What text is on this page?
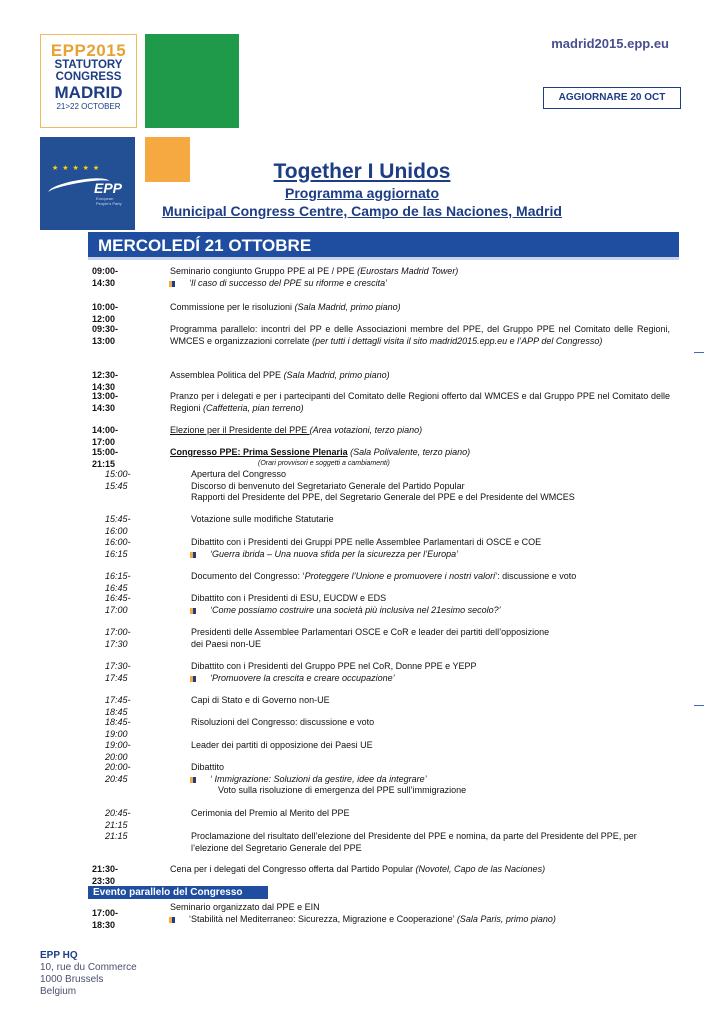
EPP2015
STATUTORY
CONGRESS
MADRID
21>22 OCTOBER
★ ★ ★ ★ ★
EPP
European People's Party
madrid2015.epp.eu
AGGIORNARE 20 OCT
Together I Unidos
Programma aggiornato
Municipal Congress Centre, Campo de las Naciones, Madrid
MERCOLEDÍ 21 OTTOBRE
09:00-14:30
Seminario congiunto Gruppo PPE al PE / PPE (Eurostars Madrid Tower)
‘Il caso di successo del PPE su riforme e crescita’
10:00-12:00
Commissione per le risoluzioni (Sala Madrid, primo piano)
09:30-13:00
Programma parallelo: incontri del PP e delle Associazioni membre del PPE, del Gruppo PPE nel Comitato delle Regioni, WMCES e organizzazioni correlate (per tutti i dettagli visita il sito madrid2015.epp.eu e l’APP del Congresso)
12:30-14:30
Assemblea Politica del PPE (Sala Madrid, primo piano)
13:00-14:30
Pranzo per i delegati e per i partecipanti del Comitato delle Regioni offerto dal WMCES e dal Gruppo PPE nel Comitato delle Regioni (Caffetteria, pian terreno)
14:00-17:00
Elezione per il Presidente del PPE (Area votazioni, terzo piano)
15:00-21:15
Congresso PPE: Prima Sessione Plenaria (Sala Polivalente, terzo piano)
(Orari provvisori e soggetti a cambiamenti)
15:00-15:45
Apertura del Congresso
Discorso di benvenuto del Segretariato Generale del Partido Popular
Rapporti del Presidente del PPE, del Segretario Generale del PPE e del Presidente del WMCES
15:45-16:00
Votazione sulle modifiche Statutarie
16:00-16:15
Dibattito con i Presidenti dei Gruppi PPE nelle Assemblee Parlamentari di OSCE e COE
‘Guerra ibrida – Una nuova sfida per la sicurezza per l’Europa’
16:15-16:45
Documento del Congresso: ‘Proteggere l’Unione e promuovere i nostri valori’: discussione e voto
16:45-17:00
Dibattito con i Presidenti di ESU, EUCDW e EDS
‘Come possiamo costruire una società più inclusiva nel 21esimo secolo?’
17:00-17:30
Presidenti delle Assemblee Parlamentari OSCE e CoR e leader dei partiti dell’opposizione
dei Paesi non-UE
17:30-17:45
Dibattito con i Presidenti del Gruppo PPE nel CoR, Donne PPE e YEPP
‘Promuovere la crescita e creare occupazione’
17:45-18:45
Capi di Stato e di Governo non-UE
18:45-19:00
Risoluzioni del Congresso: discussione e voto
19:00-20:00
Leader dei partiti di opposizione dei Paesi UE
20:00-20:45
Dibattito
‘ Immigrazione: Soluzioni da gestire, idee da integrare’
Voto sulla risoluzione di emergenza del PPE sull’immigrazione
20:45-21:15
Cerimonia del Premio al Merito del PPE
21:15	Proclamazione del risultato dell’elezione del Presidente del PPE e nomina, da parte del Presidente del PPE, per
l’elezione del Segretario Generale del PPE
21:30-23:30
Cena per i delegati del Congresso offerta dal Partido Popular (Novotel, Capo de las Naciones)
Evento parallelo del Congresso
17:00-18:30
Seminario organizzato dal PPE e EIN
‘Stabilità nel Mediterraneo: Sicurezza, Migrazione e Cooperazione’ (Sala Paris, primo piano)
EPP HQ
10, rue du Commerce
1000 Brussels
Belgium
